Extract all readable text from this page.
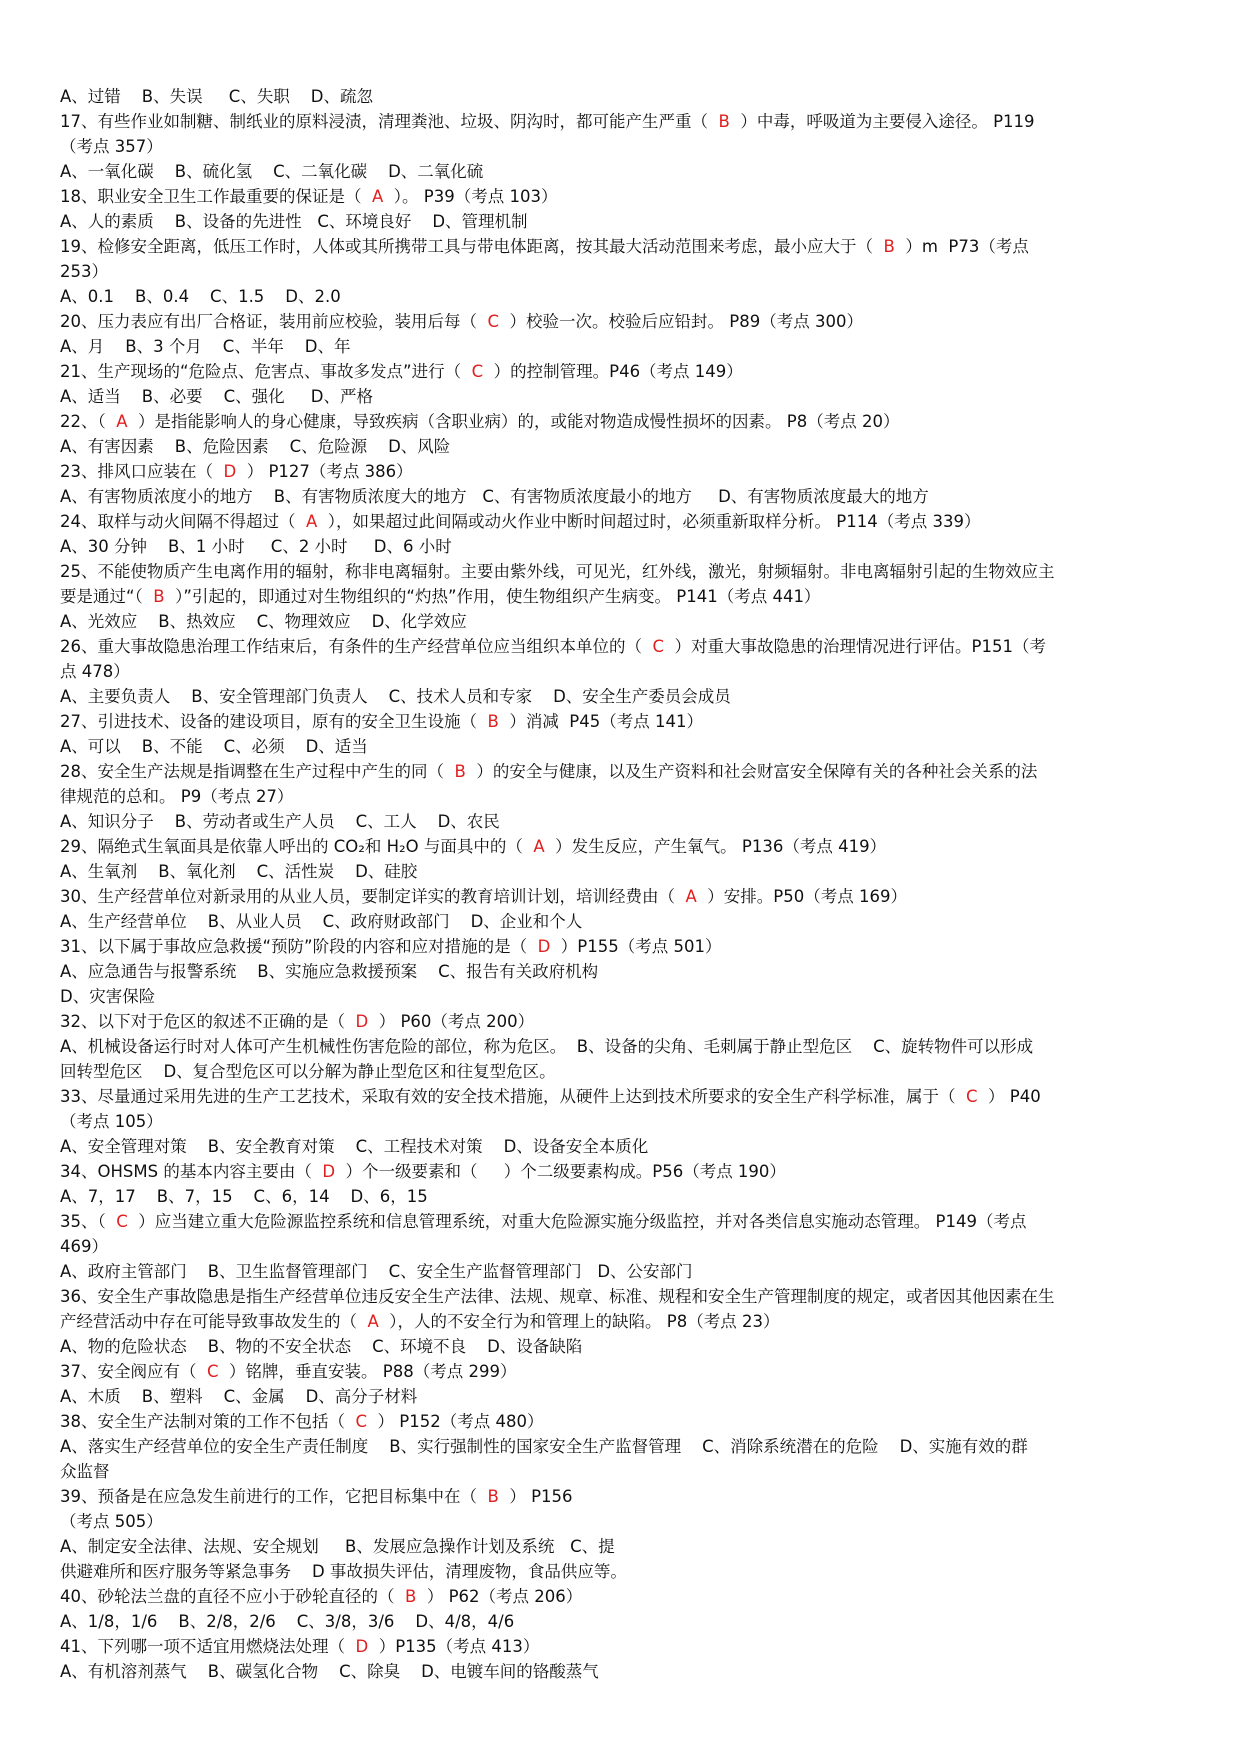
A、过错    B、失误     C、失职    D、疏忽
17、有些作业如制糖、制纸业的原料浸渍，清理粪池、垃圾、阴沟时，都可能产生严重（  B  ）中毒，呼吸道为主要侵入途径。 P119
（考点 357）
A、一氧化碳    B、硫化氢    C、二氧化碳    D、二氧化硫
18、职业安全卫生工作最重要的保证是（  A  ）。 P39（考点 103）
A、人的素质    B、设备的先进性   C、环境良好    D、管理机制
19、检修安全距离，低压工作时，人体或其所携带工具与带电体距离，按其最大活动范围来考虑，最小应大于（  B  ）m  P73（考点
253）
A、0.1    B、0.4    C、1.5    D、2.0
20、压力表应有出厂合格证，装用前应校验，装用后每（  C  ）校验一次。校验后应铅封。 P89（考点 300）
A、月    B、3 个月    C、半年    D、年
21、生产现场的“危险点、危害点、事故多发点”进行（  C  ）的控制管理。P46（考点 149）
A、适当    B、必要    C、强化     D、严格
22、（  A  ）是指能影响人的身心健康，导致疾病（含职业病）的，或能对物造成慢性损坏的因素。 P8（考点 20）
A、有害因素    B、危险因素    C、危险源    D、风险
23、排风口应装在（  D  ） P127（考点 386）
A、有害物质浓度小的地方    B、有害物质浓度大的地方   C、有害物质浓度最小的地方     D、有害物质浓度最大的地方
24、取样与动火间隔不得超过（  A  ），如果超过此间隔或动火作业中断时间超过时，必须重新取样分析。 P114（考点 339）
A、30 分钟    B、1 小时     C、2 小时     D、6 小时
25、不能使物质产生电离作用的辐射，称非电离辐射。主要由紫外线，可见光，红外线，激光，射频辐射。非电离辐射引起的生物效应主
要是通过“（  B  ）”引起的，即通过对生物组织的“灼热”作用，使生物组织产生病变。 P141（考点 441）
A、光效应    B、热效应    C、物理效应    D、化学效应
26、重大事故隐患治理工作结束后，有条件的生产经营单位应当组织本单位的（  C  ）对重大事故隐患的治理情况进行评估。P151（考
点 478）
A、主要负责人    B、安全管理部门负责人    C、技术人员和专家    D、安全生产委员会成员
27、引进技术、设备的建设项目，原有的安全卫生设施（  B  ）消减  P45（考点 141）
A、可以    B、不能    C、必须    D、适当
28、安全生产法规是指调整在生产过程中产生的同（  B  ）的安全与健康，以及生产资料和社会财富安全保障有关的各种社会关系的法
律规范的总和。 P9（考点 27）
A、知识分子    B、劳动者或生产人员    C、工人    D、农民
29、隔绝式生氧面具是依靠人呼出的 CO₂和 H₂O 与面具中的（  A  ）发生反应，产生氧气。 P136（考点 419）
A、生氧剂    B、氧化剂    C、活性炭    D、硅胶
30、生产经营单位对新录用的从业人员，要制定详实的教育培训计划，培训经费由（  A  ）安排。P50（考点 169）
A、生产经营单位    B、从业人员    C、政府财政部门    D、企业和个人
31、以下属于事故应急救援“预防”阶段的内容和应对措施的是（  D  ）P155（考点 501）
A、应急通告与报警系统    B、实施应急救援预案    C、报告有关政府机构
D、灾害保险
32、以下对于危区的叙述不正确的是（  D  ） P60（考点 200）
A、机械设备运行时对人体可产生机械性伤害危险的部位，称为危区。  B、设备的尖角、毛刺属于静止型危区    C、旋转物件可以形成
回转型危区    D、复合型危区可以分解为静止型危区和往复型危区。
33、尽量通过采用先进的生产工艺技术，采取有效的安全技术措施，从硬件上达到技术所要求的安全生产科学标准，属于（  C  ） P40
（考点 105）
A、安全管理对策    B、安全教育对策    C、工程技术对策    D、设备安全本质化
34、OHSMS 的基本内容主要由（  D  ）个一级要素和（     ）个二级要素构成。P56（考点 190）
A、7，17    B、7，15    C、6，14    D、6，15
35、（  C  ）应当建立重大危险源监控系统和信息管理系统，对重大危险源实施分级监控，并对各类信息实施动态管理。 P149（考点
469）
A、政府主管部门    B、卫生监督管理部门    C、安全生产监督管理部门   D、公安部门
36、安全生产事故隐患是指生产经营单位违反安全生产法律、法规、规章、标准、规程和安全生产管理制度的规定，或者因其他因素在生
产经营活动中存在可能导致事故发生的（  A  ），人的不安全行为和管理上的缺陷。 P8（考点 23）
A、物的危险状态    B、物的不安全状态    C、环境不良    D、设备缺陷
37、安全阀应有（  C  ）铭牌，垂直安装。 P88（考点 299）
A、木质    B、塑料    C、金属    D、高分子材料
38、安全生产法制对策的工作不包括（  C  ） P152（考点 480）
A、落实生产经营单位的安全生产责任制度    B、实行强制性的国家安全生产监督管理    C、消除系统潜在的危险    D、实施有效的群
众监督
39、预备是在应急发生前进行的工作，它把目标集中在（  B  ） P156
（考点 505）
A、制定安全法律、法规、安全规划     B、发展应急操作计划及系统   C、提
供避难所和医疗服务等紧急事务    D 事故损失评估，清理废物，食品供应等。
40、砂轮法兰盘的直径不应小于砂轮直径的（  B  ） P62（考点 206）
A、1/8，1/6    B、2/8，2/6    C、3/8，3/6    D、4/8，4/6
41、下列哪一项不适宜用燃烧法处理（  D  ）P135（考点 413）
A、有机溶剂蒸气    B、碳氢化合物    C、除臭    D、电镀车间的铬酸蒸气
